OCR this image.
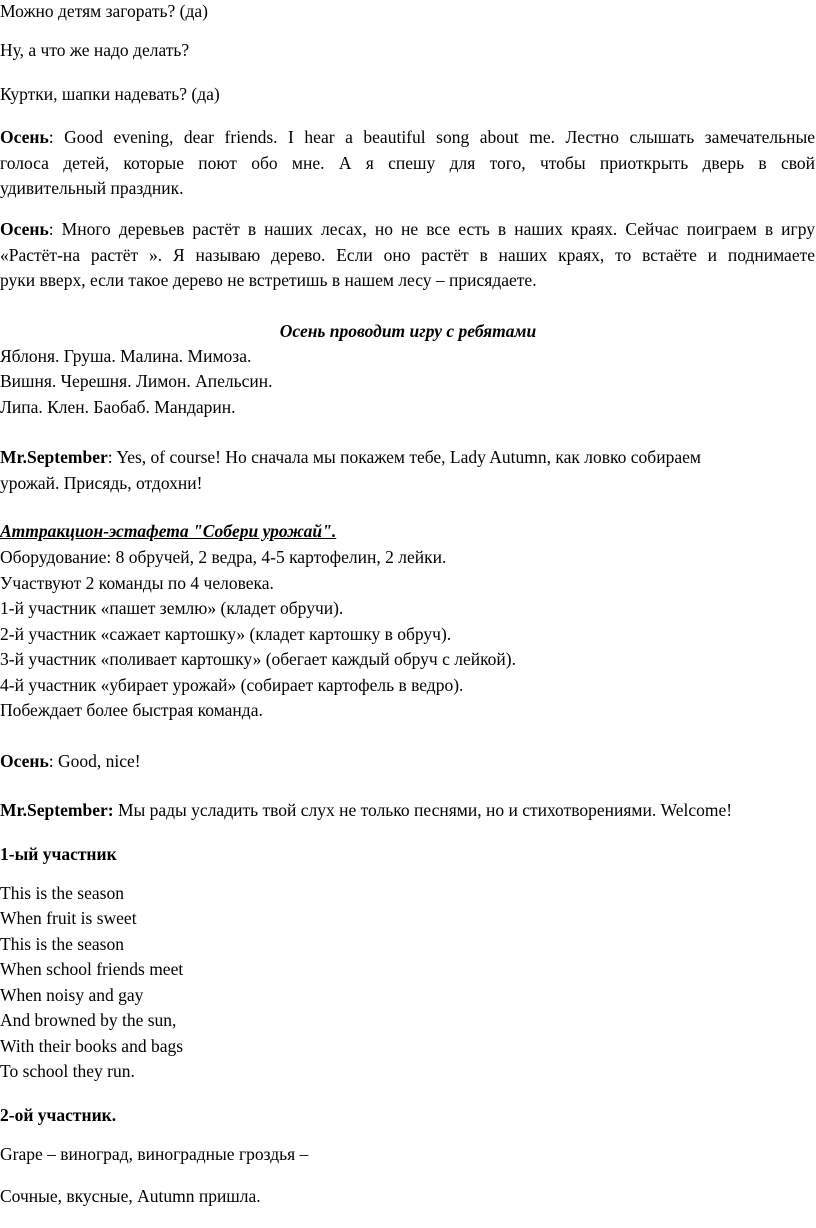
Можно детям загорать? (да)
Ну, а что же надо делать?
Куртки, шапки надевать? (да)
Осень: Good evening, dear friends. I hear a beautiful song about me. Лестно слышать замечательные
голоса детей, которые поют обо мне. А я спешу для того, чтобы приоткрыть дверь в свой
удивительный праздник.
Осень: Много деревьев растёт в наших лесах, но не все есть в наших краях. Сейчас поиграем в игру
«Растёт-на растёт ». Я называю дерево. Если оно растёт в наших краях, то встаёте и поднимаете
руки вверх, если такое дерево не встретишь в нашем лесу – присядаете.
Осень проводит игру с ребятами
Яблоня. Груша. Малина. Мимоза.
Вишня. Черешня. Лимон. Апельсин.
Липа. Клен. Баобаб. Мандарин.
Mr.September: Yes, of course! Но сначала мы покажем тебе, Lady Autumn, как ловко собираем
урожай. Присядь, отдохни!
Аттракцион-эстафета "Собери урожай".
Оборудование: 8 обручей, 2 ведра, 4-5 картофелин, 2 лейки.
Участвуют 2 команды по 4 человека.
1-й участник «пашет землю» (кладет обручи).
2-й участник «сажает картошку» (кладет картошку в обруч).
3-й участник «поливает картошку» (обегает каждый обруч с лейкой).
4-й участник «убирает урожай» (собирает картофель в ведро).
Побеждает более быстрая команда.
Осень: Good, nice!
Mr.September: Мы рады усладить твой слух не только песнями, но и стихотворениями. Welcome!
1-ый участник
This is the season
When fruit is sweet
This is the season
When school friends meet
When noisy and gay
And browned by the sun,
With their books and bags
To school they run.
2-ой участник.
Grape – виноград, виноградные гроздья –
Сочные, вкусные, Autumn пришла.
